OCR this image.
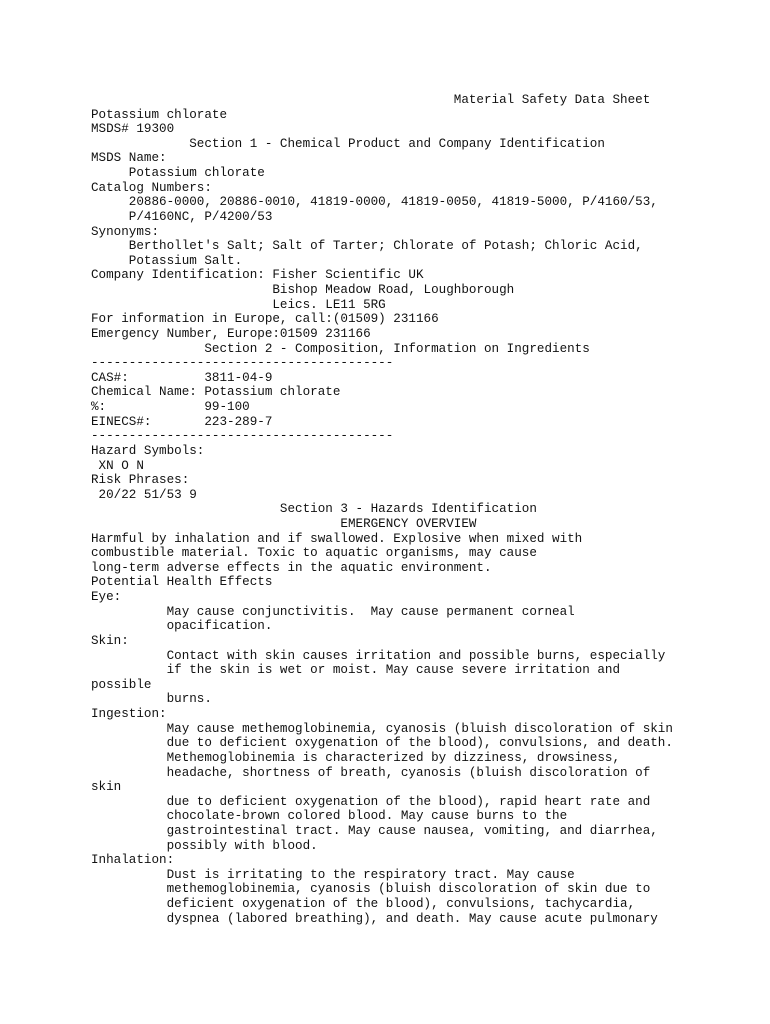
Material Safety Data Sheet
Potassium chlorate
MSDS# 19300
Section 1 - Chemical Product and Company Identification
MSDS Name:
Potassium chlorate
Catalog Numbers:
20886-0000, 20886-0010, 41819-0000, 41819-0050, 41819-5000, P/4160/53,
P/4160NC, P/4200/53
Synonyms:
Berthollet's Salt; Salt of Tarter; Chlorate of Potash; Chloric Acid,
Potassium Salt.
Company Identification: Fisher Scientific UK
Bishop Meadow Road, Loughborough
Leics. LE11 5RG
For information in Europe, call:(01509) 231166
Emergency Number, Europe:01509 231166
Section 2 - Composition, Information on Ingredients
----------------------------------------
CAS#:          3811-04-9
Chemical Name: Potassium chlorate
%:             99-100
EINECS#:       223-289-7
----------------------------------------
Hazard Symbols:
XN O N
Risk Phrases:
20/22 51/53 9
Section 3 - Hazards Identification
EMERGENCY OVERVIEW
Harmful by inhalation and if swallowed. Explosive when mixed with
combustible material. Toxic to aquatic organisms, may cause
long-term adverse effects in the aquatic environment.
Potential Health Effects
Eye:
May cause conjunctivitis.  May cause permanent corneal
opacification.
Skin:
Contact with skin causes irritation and possible burns, especially
if the skin is wet or moist. May cause severe irritation and
possible
burns.
Ingestion:
May cause methemoglobinemia, cyanosis (bluish discoloration of skin
due to deficient oxygenation of the blood), convulsions, and death.
Methemoglobinemia is characterized by dizziness, drowsiness,
headache, shortness of breath, cyanosis (bluish discoloration of
skin
due to deficient oxygenation of the blood), rapid heart rate and
chocolate-brown colored blood. May cause burns to the
gastrointestinal tract. May cause nausea, vomiting, and diarrhea,
possibly with blood.
Inhalation:
Dust is irritating to the respiratory tract. May cause
methemoglobinemia, cyanosis (bluish discoloration of skin due to
deficient oxygenation of the blood), convulsions, tachycardia,
dyspnea (labored breathing), and death. May cause acute pulmonary
